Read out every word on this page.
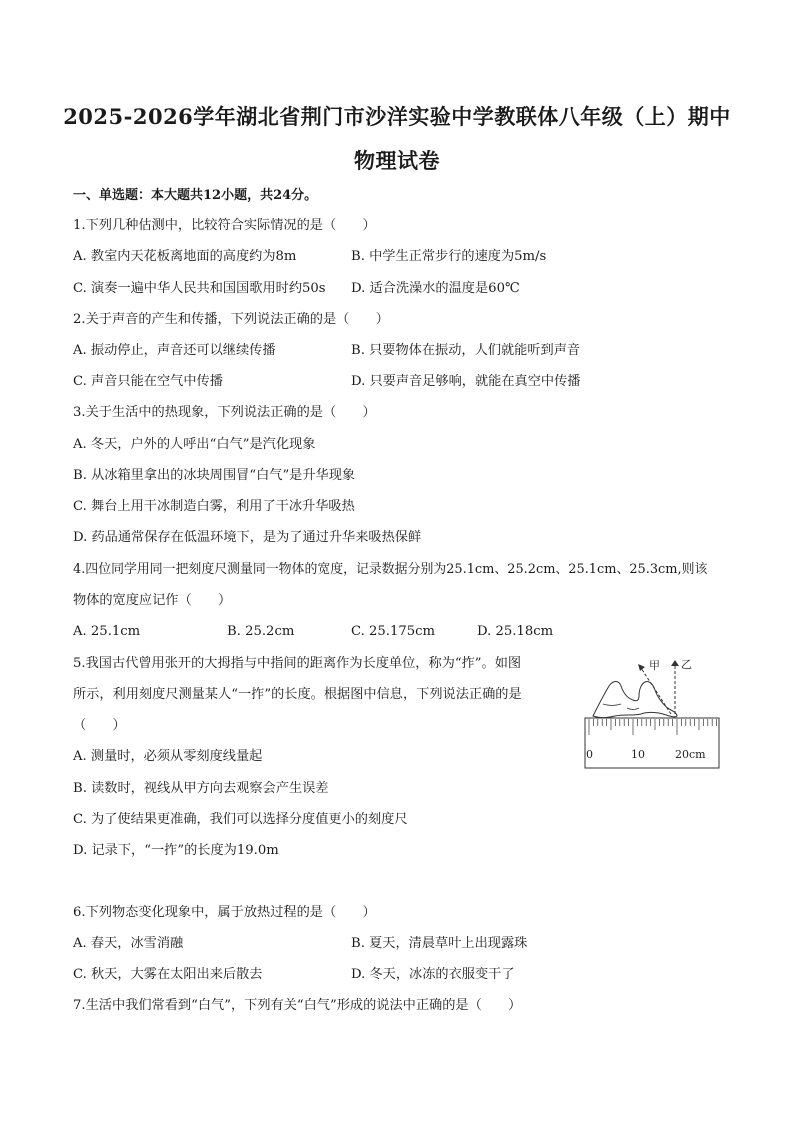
2025-2026学年湖北省荆门市沙洋实验中学教联体八年级（上）期中
物理试卷
一、单选题：本大题共12小题，共24分。
1.下列几种估测中，比较符合实际情况的是（　　）
A. 教室内天花板离地面的高度约为8m	B. 中学生正常步行的速度为5m/s
C. 演奏一遍中华人民共和国国歌用时约50s D. 适合洗澡水的温度是60℃
2.关于声音的产生和传播，下列说法正确的是（　　）
A. 振动停止，声音还可以继续传播	B. 只要物体在振动，人们就能听到声音
C. 声音只能在空气中传播	D. 只要声音足够响，就能在真空中传播
3.关于生活中的热现象，下列说法正确的是（　　）
A. 冬天，户外的人呼出“白气”是汽化现象
B. 从冰箱里拿出的冰块周围冒“白气”是升华现象
C. 舞台上用干冰制造白雾，利用了干冰升华吸热
D. 药品通常保存在低温环境下，是为了通过升华来吸热保鲜
4.四位同学用同一把刻度尺测量同一物体的宽度，记录数据分别为25.1cm、25.2cm、25.1cm、25.3cm,则该
物体的宽度应记作（　　）
A. 25.1cm	B. 25.2cm	C. 25.175cm	D. 25.18cm
5.我国古代曾用张开的大拇指与中指间的距离作为长度单位，称为“拃”。如图
所示，利用刻度尺测量某人“一拃”的长度。根据图中信息，下列说法正确的是
（　　）
A. 测量时，必须从零刻度线量起
B. 读数时，视线从甲方向去观察会产生误差
C. 为了使结果更准确，我们可以选择分度值更小的刻度尺
D. 记录下，“一拃”的长度为19.0m
甲 乙
0	10	20cm
6.下列物态变化现象中，属于放热过程的是（　　）
A. 春天，冰雪消融	B. 夏天，清晨草叶上出现露珠
C. 秋天，大雾在太阳出来后散去	D. 冬天，冰冻的衣服变干了
7.生活中我们常看到“白气”，下列有关“白气”形成的说法中正确的是（　　）
